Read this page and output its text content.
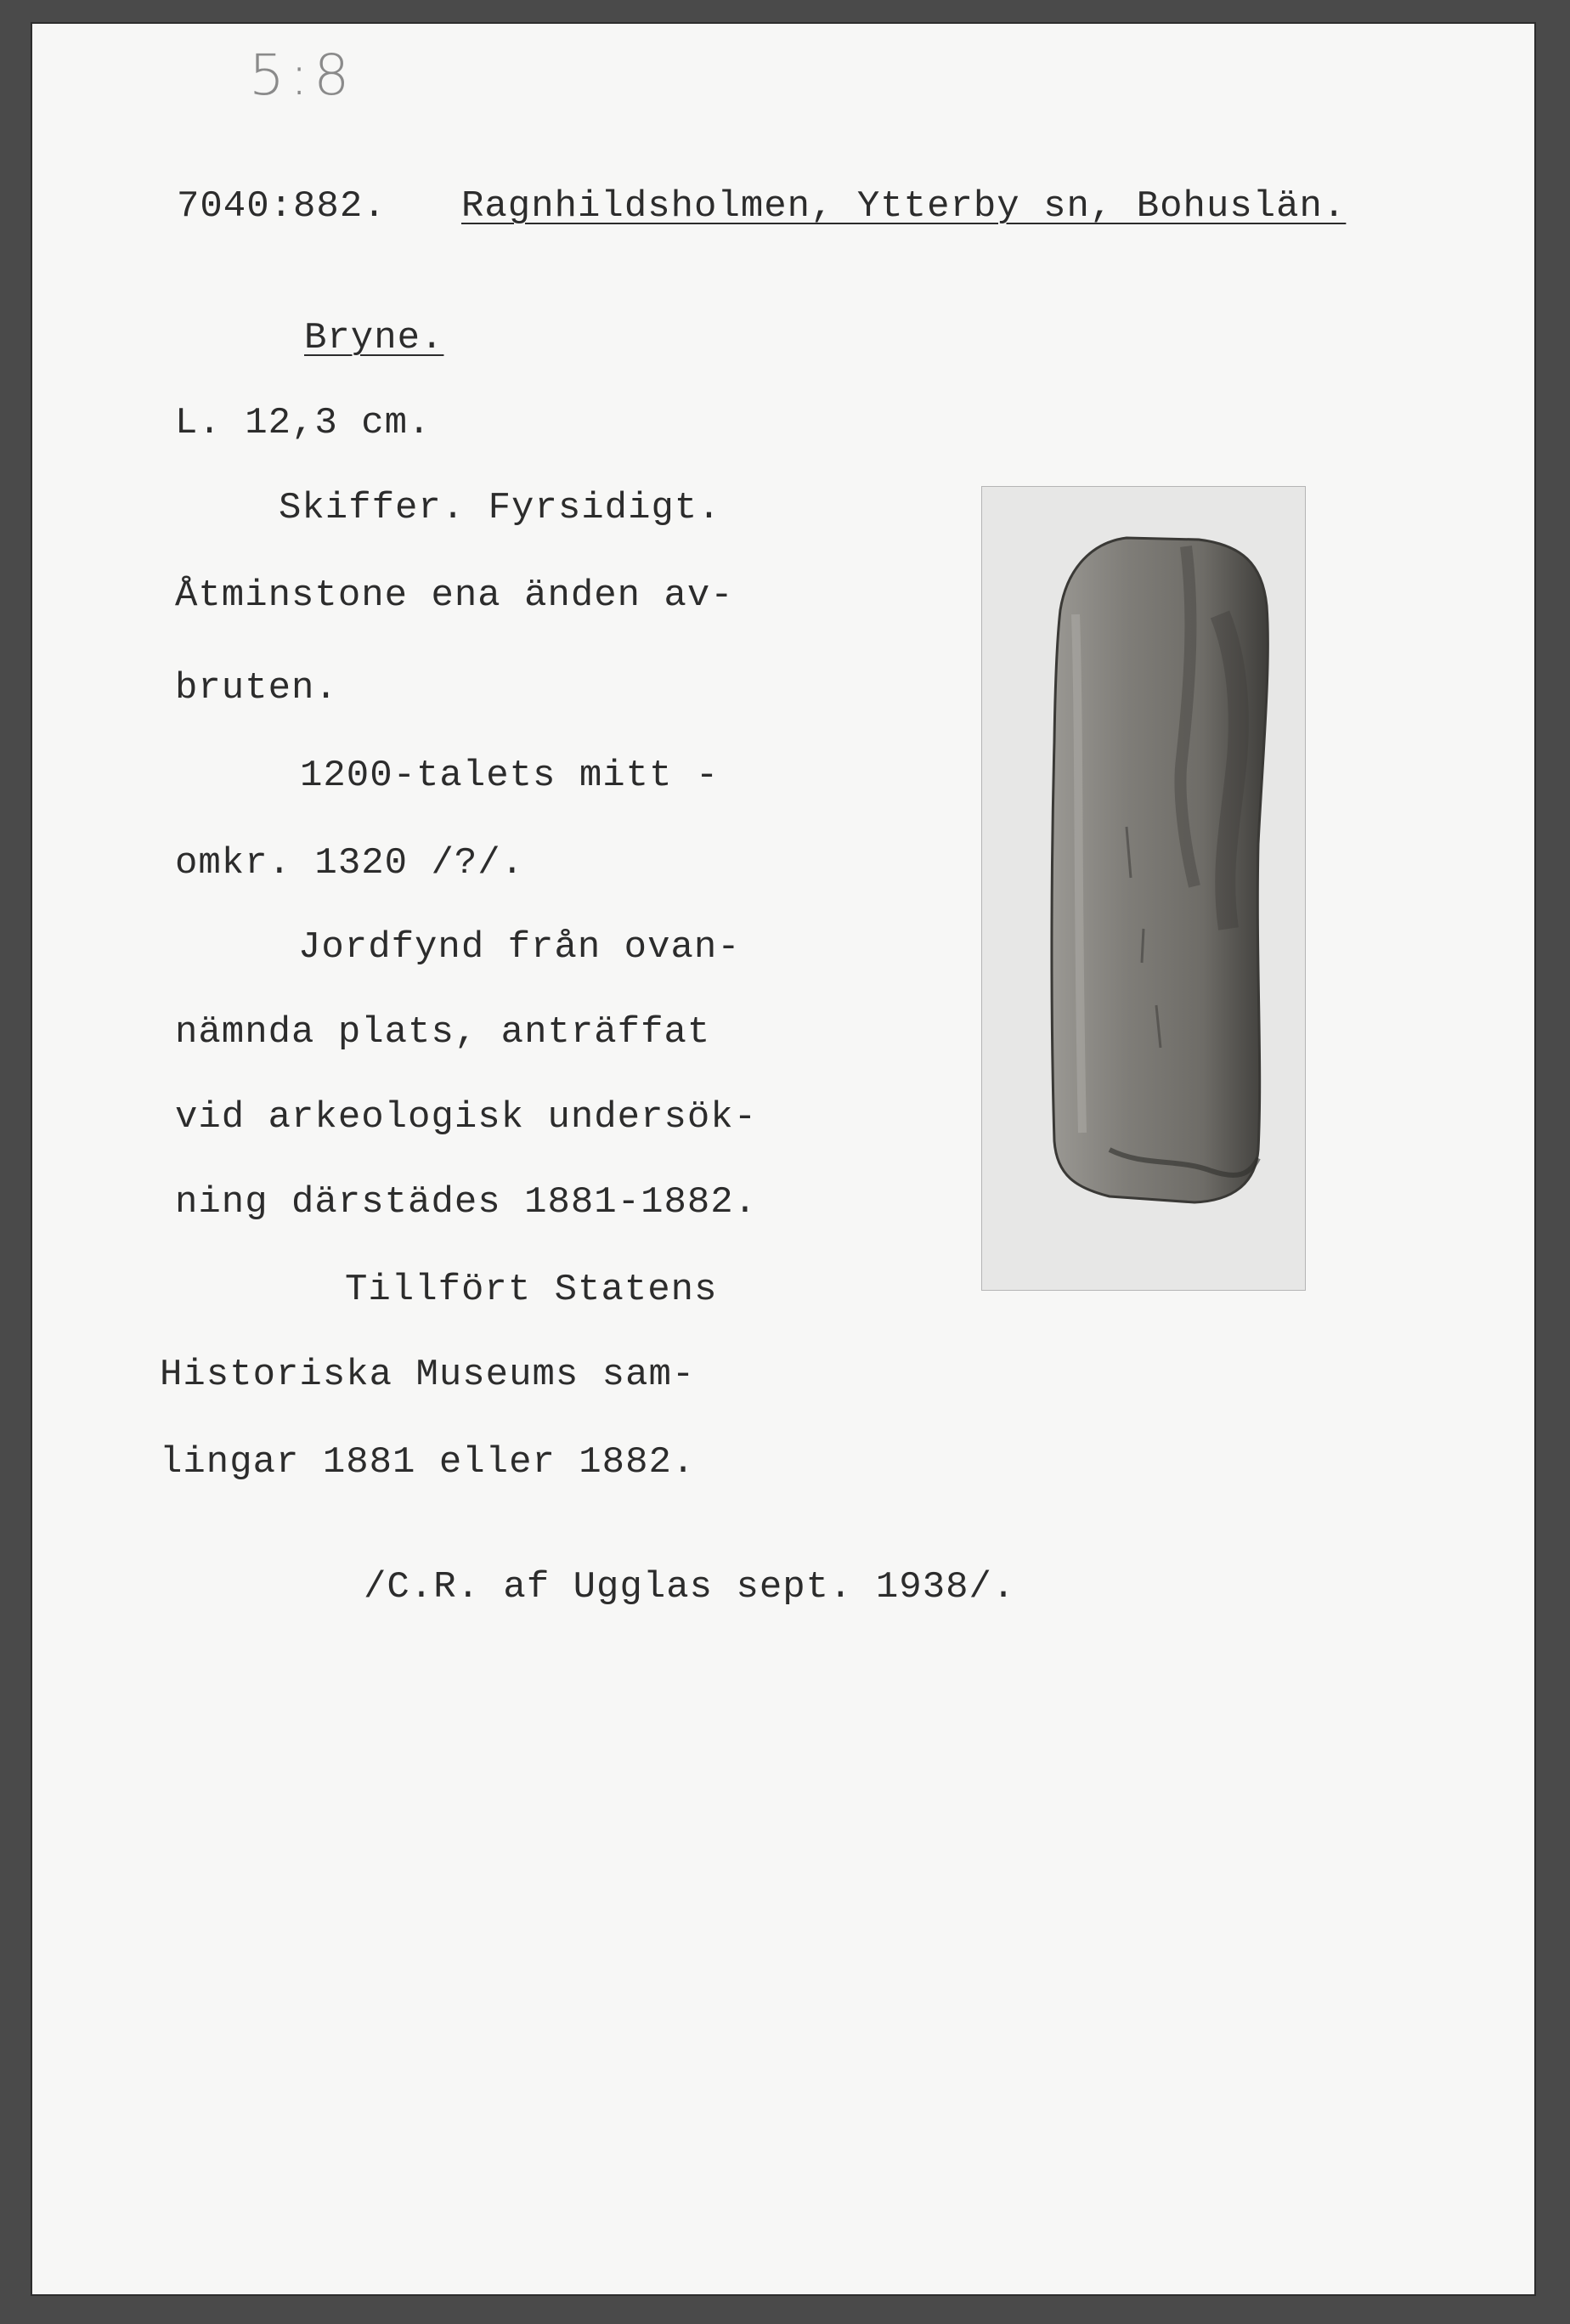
5:8
7040:882. Ragnhildsholmen, Ytterby sn, Bohuslän.
Bryne.
L. 12,3 cm.
Skiffer. Fyrsidigt.
Åtminstone ena änden av-
bruten.
1200-talets mitt -
omkr. 1320 /?/.
Jordfynd från ovan-
nämnda plats, anträffat
vid arkeologisk undersök-
ning därstädes 1881-1882.
Tillfört Statens
Historiska Museums sam-
lingar 1881 eller 1882.
/C.R. af Ugglas sept. 1938/.
